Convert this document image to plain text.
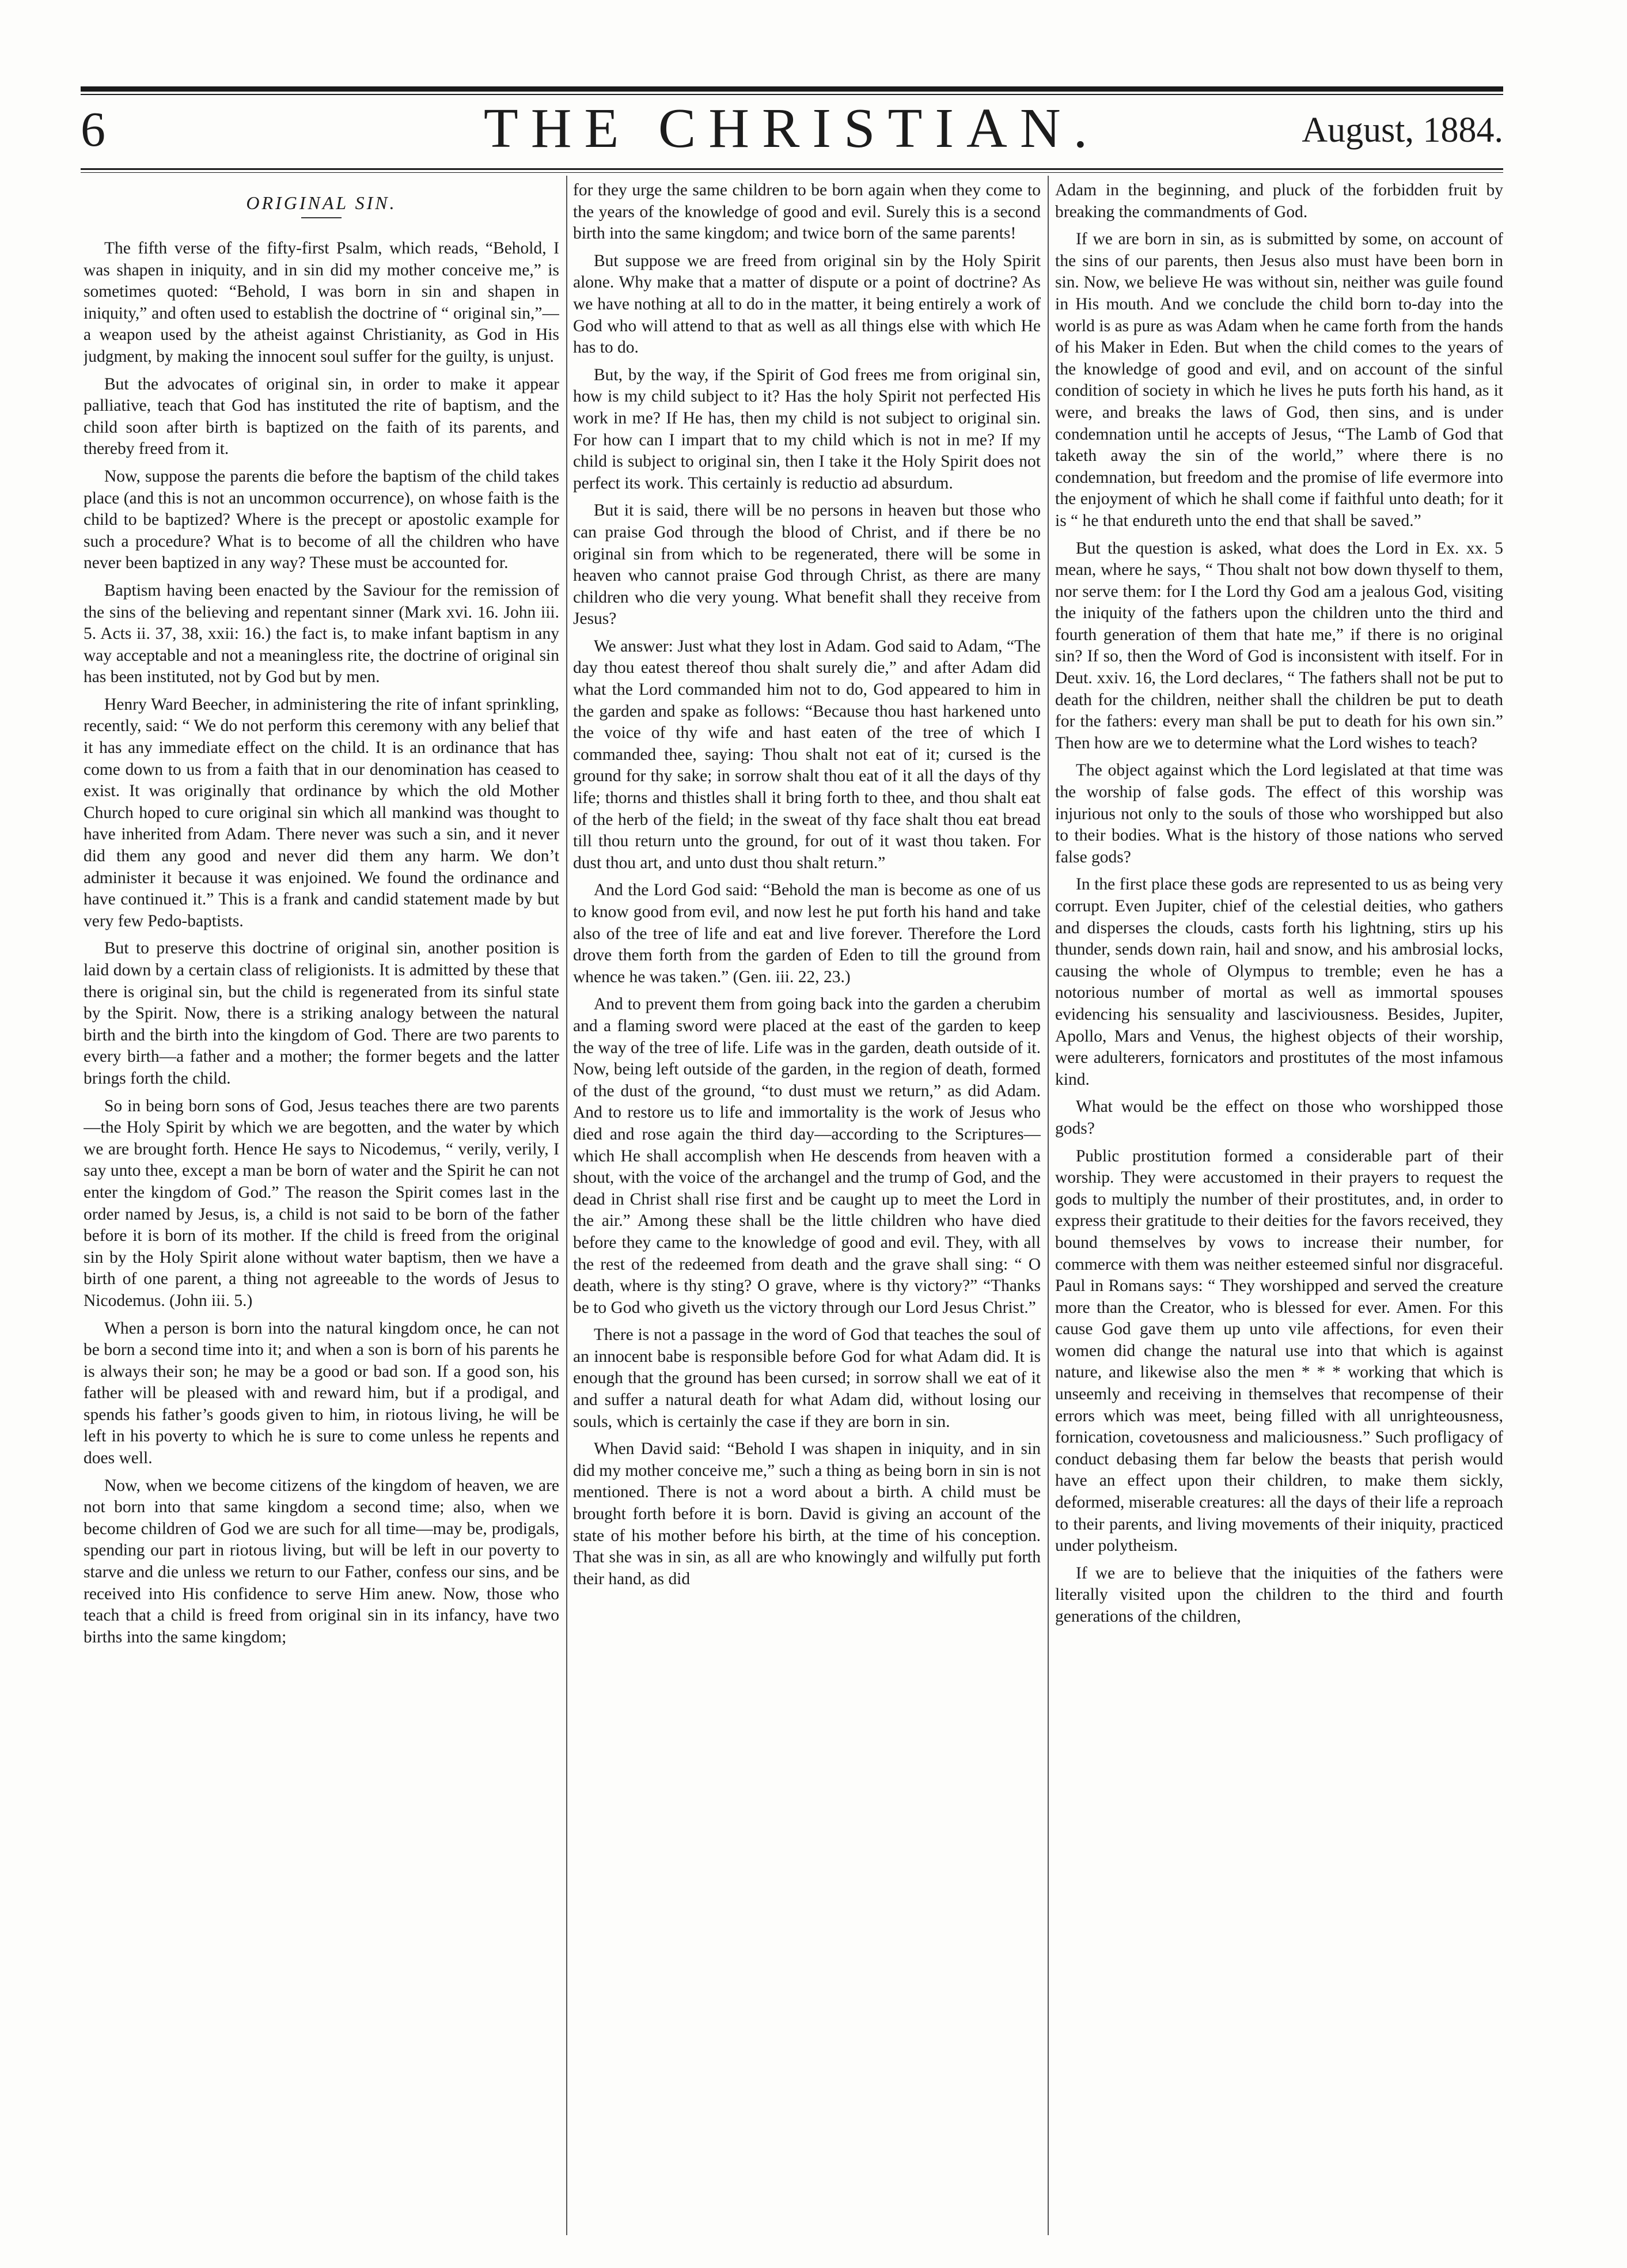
6	THE CHRISTIAN.	August, 1884.
ORIGINAL SIN.

The fifth verse of the fifty-first Psalm, which reads, “Behold, I was shapen in iniquity, and in sin did my mother conceive me,” is sometimes quoted: “Behold, I was born in sin and shapen in iniquity,” and often used to establish the doctrine of “ original sin,”—a weapon used by the atheist against Christianity, as God in His judgment, by making the innocent soul suffer for the guilty, is unjust.

But the advocates of original sin, in order to make it appear palliative, teach that God has instituted the rite of baptism, and the child soon after birth is baptized on the faith of its parents, and thereby freed from it.

Now, suppose the parents die before the baptism of the child takes place (and this is not an uncommon occurrence), on whose faith is the child to be baptized? Where is the precept or apostolic example for such a procedure? What is to become of all the children who have never been baptized in any way? These must be accounted for.

Baptism having been enacted by the Saviour for the remission of the sins of the believing and repentant sinner (Mark xvi. 16. John iii. 5. Acts ii. 37, 38, xxii: 16.) the fact is, to make infant baptism in any way acceptable and not a meaningless rite, the doctrine of original sin has been instituted, not by God but by men.

Henry Ward Beecher, in administering the rite of infant sprinkling, recently, said: “ We do not perform this ceremony with any belief that it has any immediate effect on the child. It is an ordinance that has come down to us from a faith that in our denomination has ceased to exist. It was originally that ordinance by which the old Mother Church hoped to cure original sin which all mankind was thought to have inherited from Adam. There never was such a sin, and it never did them any good and never did them any harm. We don’t administer it because it was enjoined. We found the ordinance and have continued it.” This is a frank and candid statement made by but very few Pedo-baptists.

But to preserve this doctrine of original sin, another position is laid down by a certain class of religionists. It is admitted by these that there is original sin, but the child is regenerated from its sinful state by the Spirit. Now, there is a striking analogy between the natural birth and the birth into the kingdom of God. There are two parents to every birth—a father and a mother; the former begets and the latter brings forth the child.

So in being born sons of God, Jesus teaches there are two parents—the Holy Spirit by which we are begotten, and the water by which we are brought forth. Hence He says to Nicodemus, “ verily, verily, I say unto thee, except a man be born of water and the Spirit he can not enter the kingdom of God.” The reason the Spirit comes last in the order named by Jesus, is, a child is not said to be born of the father before it is born of its mother. If the child is freed from the original sin by the Holy Spirit alone without water baptism, then we have a birth of one parent, a thing not agreeable to the words of Jesus to Nicodemus. (John iii. 5.)

When a person is born into the natural kingdom once, he can not be born a second time into it; and when a son is born of his parents he is always their son; he may be a good or bad son. If a good son, his father will be pleased with and reward him, but if a prodigal, and spends his father’s goods given to him, in riotous living, he will be left in his poverty to which he is sure to come unless he repents and does well.

Now, when we become citizens of the kingdom of heaven, we are not born into that same kingdom a second time; also, when we become children of God we are such for all time—may be, prodigals, spending our part in riotous living, but will be left in our poverty to starve and die unless we return to our Father, confess our sins, and be received into His confidence to serve Him anew. Now, those who teach that a child is freed from original sin in its infancy, have two births into the same kingdom;

for they urge the same children to be born again when they come to the years of the knowledge of good and evil. Surely this is a second birth into the same kingdom; and twice born of the same parents!

But suppose we are freed from original sin by the Holy Spirit alone. Why make that a matter of dispute or a point of doctrine? As we have nothing at all to do in the matter, it being entirely a work of God who will attend to that as well as all things else with which He has to do.

But, by the way, if the Spirit of God frees me from original sin, how is my child subject to it? Has the holy Spirit not perfected His work in me? If He has, then my child is not subject to original sin. For how can I impart that to my child which is not in me? If my child is subject to original sin, then I take it the Holy Spirit does not perfect its work. This certainly is reductio ad absurdum.

But it is said, there will be no persons in heaven but those who can praise God through the blood of Christ, and if there be no original sin from which to be regenerated, there will be some in heaven who cannot praise God through Christ, as there are many children who die very young. What benefit shall they receive from Jesus?

We answer: Just what they lost in Adam. God said to Adam, “The day thou eatest thereof thou shalt surely die,” and after Adam did what the Lord commanded him not to do, God appeared to him in the garden and spake as follows: “Because thou hast harkened unto the voice of thy wife and hast eaten of the tree of which I commanded thee, saying: Thou shalt not eat of it; cursed is the ground for thy sake; in sorrow shalt thou eat of it all the days of thy life; thorns and thistles shall it bring forth to thee, and thou shalt eat of the herb of the field; in the sweat of thy face shalt thou eat bread till thou return unto the ground, for out of it wast thou taken. For dust thou art, and unto dust thou shalt return.”

And the Lord God said: “Behold the man is become as one of us to know good from evil, and now lest he put forth his hand and take also of the tree of life and eat and live forever. Therefore the Lord drove them forth from the garden of Eden to till the ground from whence he was taken.” (Gen. iii. 22, 23.)

And to prevent them from going back into the garden a cherubim and a flaming sword were placed at the east of the garden to keep the way of the tree of life. Life was in the garden, death outside of it. Now, being left outside of the garden, in the region of death, formed of the dust of the ground, “to dust must we return,” as did Adam. And to restore us to life and immortality is the work of Jesus who died and rose again the third day—according to the Scriptures—which He shall accomplish when He descends from heaven with a shout, with the voice of the archangel and the trump of God, and the dead in Christ shall rise first and be caught up to meet the Lord in the air.” Among these shall be the little children who have died before they came to the knowledge of good and evil. They, with all the rest of the redeemed from death and the grave shall sing: “ O death, where is thy sting? O grave, where is thy victory?” “Thanks be to God who giveth us the victory through our Lord Jesus Christ.”

There is not a passage in the word of God that teaches the soul of an innocent babe is responsible before God for what Adam did. It is enough that the ground has been cursed; in sorrow shall we eat of it and suffer a natural death for what Adam did, without losing our souls, which is certainly the case if they are born in sin.

When David said: “Behold I was shapen in iniquity, and in sin did my mother conceive me,” such a thing as being born in sin is not mentioned. There is not a word about a birth. A child must be brought forth before it is born. David is giving an account of the state of his mother before his birth, at the time of his conception. That she was in sin, as all are who knowingly and wilfully put forth their hand, as did

Adam in the beginning, and pluck of the forbidden fruit by breaking the commandments of God.

If we are born in sin, as is submitted by some, on account of the sins of our parents, then Jesus also must have been born in sin. Now, we believe He was without sin, neither was guile found in His mouth. And we conclude the child born to-day into the world is as pure as was Adam when he came forth from the hands of his Maker in Eden. But when the child comes to the years of the knowledge of good and evil, and on account of the sinful condition of society in which he lives he puts forth his hand, as it were, and breaks the laws of God, then sins, and is under condemnation until he accepts of Jesus, “The Lamb of God that taketh away the sin of the world,” where there is no condemnation, but freedom and the promise of life evermore into the enjoyment of which he shall come if faithful unto death; for it is “ he that endureth unto the end that shall be saved.”

But the question is asked, what does the Lord in Ex. xx. 5 mean, where he says, “ Thou shalt not bow down thyself to them, nor serve them: for I the Lord thy God am a jealous God, visiting the iniquity of the fathers upon the children unto the third and fourth generation of them that hate me,” if there is no original sin? If so, then the Word of God is inconsistent with itself. For in Deut. xxiv. 16, the Lord declares, “ The fathers shall not be put to death for the children, neither shall the children be put to death for the fathers: every man shall be put to death for his own sin.” Then how are we to determine what the Lord wishes to teach?

The object against which the Lord legislated at that time was the worship of false gods. The effect of this worship was injurious not only to the souls of those who worshipped but also to their bodies. What is the history of those nations who served false gods?

In the first place these gods are represented to us as being very corrupt. Even Jupiter, chief of the celestial deities, who gathers and disperses the clouds, casts forth his lightning, stirs up his thunder, sends down rain, hail and snow, and his ambrosial locks, causing the whole of Olympus to tremble; even he has a notorious number of mortal as well as immortal spouses evidencing his sensuality and lasciviousness. Besides, Jupiter, Apollo, Mars and Venus, the highest objects of their worship, were adulterers, fornicators and prostitutes of the most infamous kind.

What would be the effect on those who worshipped those gods?

Public prostitution formed a considerable part of their worship. They were accustomed in their prayers to request the gods to multiply the number of their prostitutes, and, in order to express their gratitude to their deities for the favors received, they bound themselves by vows to increase their number, for commerce with them was neither esteemed sinful nor disgraceful. Paul in Romans says: “ They worshipped and served the creature more than the Creator, who is blessed for ever. Amen. For this cause God gave them up unto vile affections, for even their women did change the natural use into that which is against nature, and likewise also the men * * * working that which is unseemly and receiving in themselves that recompense of their errors which was meet, being filled with all unrighteousness, fornication, covetousness and maliciousness.” Such profligacy of conduct debasing them far below the beasts that perish would have an effect upon their children, to make them sickly, deformed, miserable creatures: all the days of their life a reproach to their parents, and living movements of their iniquity, practiced under polytheism.

If we are to believe that the iniquities of the fathers were literally visited upon the children to the third and fourth generations of the children,
